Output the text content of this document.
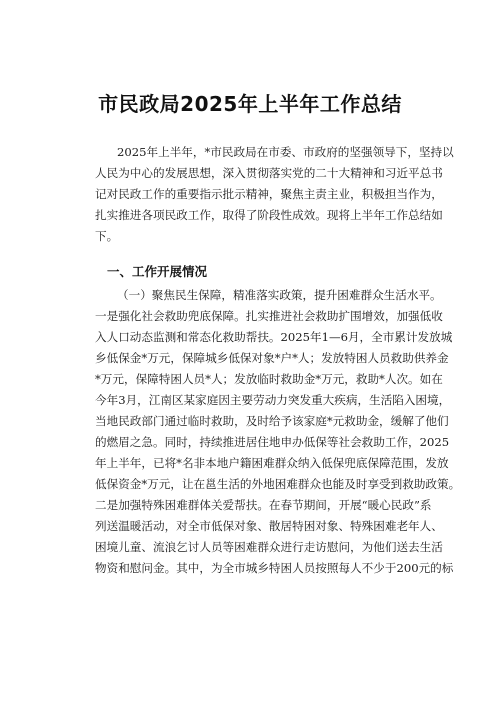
市民政局2025年上半年工作总结
2025年上半年，*市民政局在市委、市政府的坚强领导下，坚持以
人民为中心的发展思想，深入贯彻落实党的二十大精神和习近平总书
记对民政工作的重要指示批示精神，聚焦主责主业，积极担当作为，
扎实推进各项民政工作，取得了阶段性成效。现将上半年工作总结如
下。
一、工作开展情况
（一）聚焦民生保障，精准落实政策，提升困难群众生活水平。
一是强化社会救助兜底保障。扎实推进社会救助扩围增效，加强低收
入人口动态监测和常态化救助帮扶。2025年1—6月，全市累计发放城
乡低保金*万元，保障城乡低保对象*户*人；发放特困人员救助供养金
*万元，保障特困人员*人；发放临时救助金*万元，救助*人次。如在
今年3月，江南区某家庭因主要劳动力突发重大疾病，生活陷入困境，
当地民政部门通过临时救助，及时给予该家庭*元救助金，缓解了他们
的燃眉之急。同时，持续推进居住地申办低保等社会救助工作，2025
年上半年，已将*名非本地户籍困难群众纳入低保兜底保障范围，发放
低保资金*万元，让在邕生活的外地困难群众也能及时享受到救助政策。
二是加强特殊困难群体关爱帮扶。在春节期间，开展“暖心民政”系
列送温暖活动，对全市低保对象、散居特困对象、特殊困难老年人、
困境儿童、流浪乞讨人员等困难群众进行走访慰问，为他们送去生活
物资和慰问金。其中，为全市城乡特困人员按照每人不少于200元的标
